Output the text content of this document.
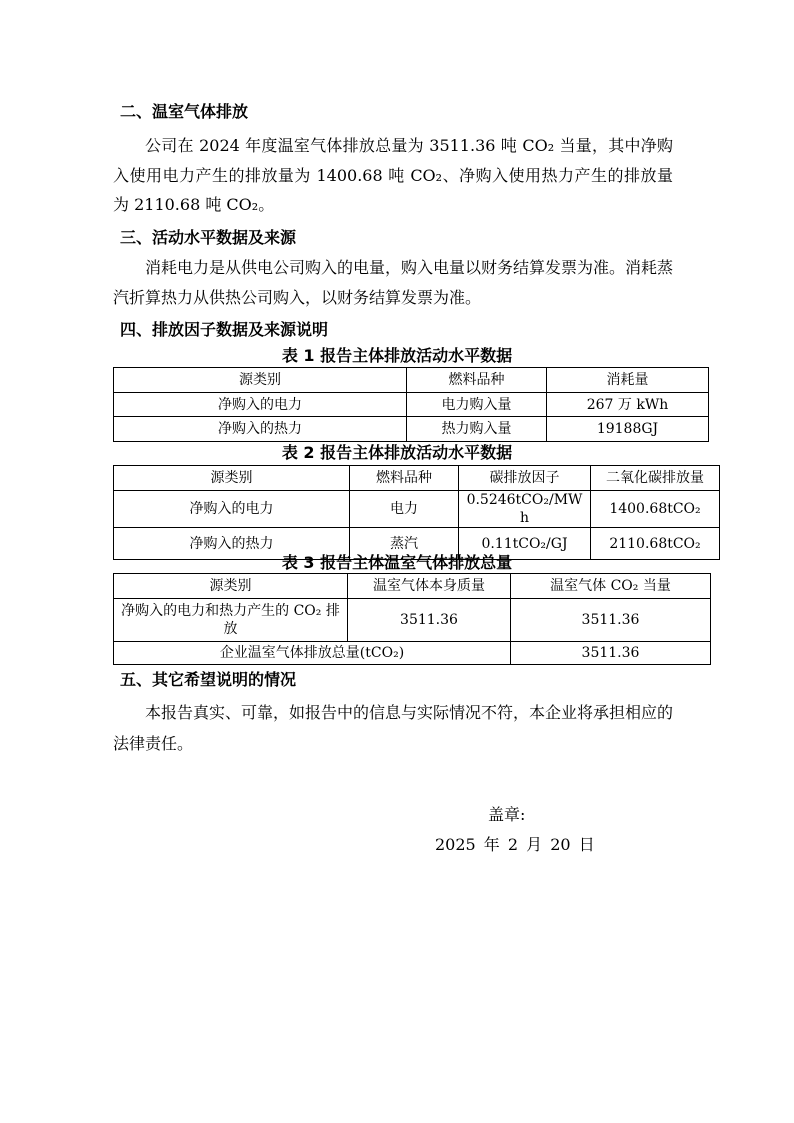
二、温室气体排放

公司在 2024 年度温室气体排放总量为 3511.36 吨 CO₂ 当量，其中净购入使用电力产生的排放量为 1400.68 吨 CO₂、净购入使用热力产生的排放量为 2110.68 吨 CO₂。

三、活动水平数据及来源

消耗电力是从供电公司购入的电量，购入电量以财务结算发票为准。消耗蒸汽折算热力从供热公司购入，以财务结算发票为准。

四、排放因子数据及来源说明
表 1 报告主体排放活动水平数据
源类别	燃料品种	消耗量
净购入的电力	电力购入量	267 万 kWh
净购入的热力	热力购入量	19188GJ
表 2 报告主体排放活动水平数据
源类别	燃料品种	碳排放因子	二氧化碳排放量
净购入的电力	电力	0.5246tCO₂/MWh	1400.68tCO₂
净购入的热力	蒸汽	0.11tCO₂/GJ	2110.68tCO₂
表 3 报告主体温室气体排放总量
源类别	温室气体本身质量	温室气体 CO₂ 当量
净购入的电力和热力产生的 CO₂ 排放	3511.36	3511.36
企业温室气体排放总量(tCO₂)		3511.36
五、其它希望说明的情况

本报告真实、可靠，如报告中的信息与实际情况不符，本企业将承担相应的法律责任。

盖章:
2025 年 2 月 20 日
